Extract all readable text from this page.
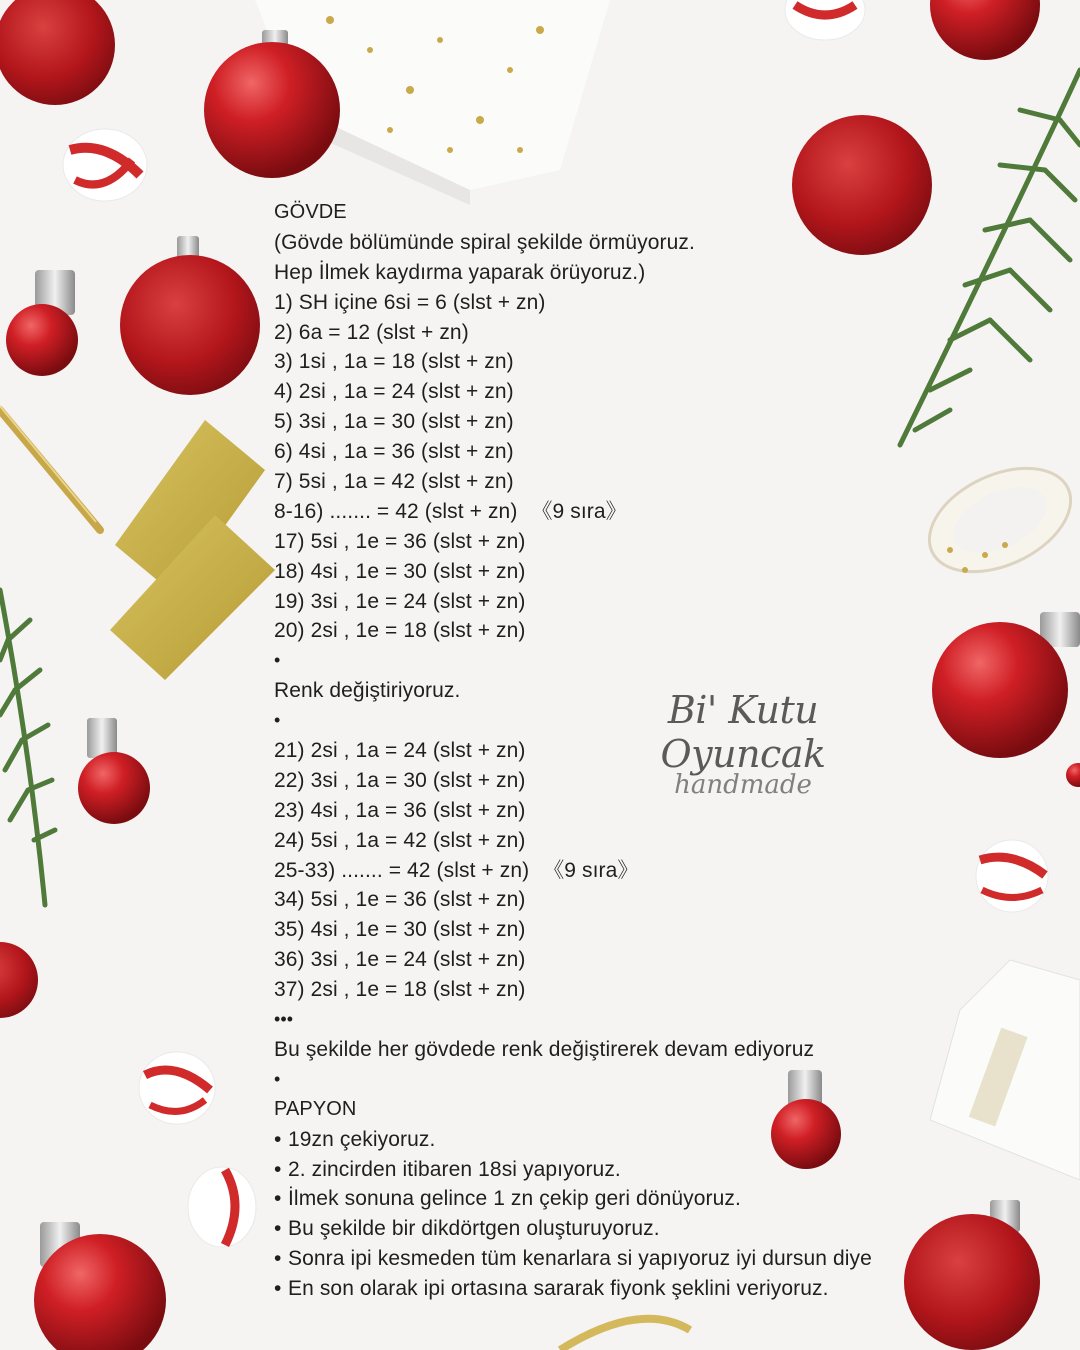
GÖVDE
(Gövde bölümünde spiral şekilde örmüyoruz.
Hep İlmek kaydırma yaparak örüyoruz.)
1) SH içine 6si = 6 (slst + zn)
2) 6a = 12 (slst + zn)
3) 1si , 1a = 18 (slst + zn)
4) 2si , 1a = 24 (slst + zn)
5) 3si , 1a = 30 (slst + zn)
6) 4si , 1a = 36 (slst + zn)
7) 5si , 1a = 42 (slst + zn)
8-16) ....... = 42 (slst + zn) 《9 sıra》
17) 5si , 1e = 36 (slst + zn)
18) 4si , 1e = 30 (slst + zn)
19) 3si , 1e = 24 (slst + zn)
20) 2si , 1e = 18 (slst + zn)
•
Renk değiştiriyoruz.
•
21) 2si , 1a = 24 (slst + zn)
22) 3si , 1a = 30 (slst + zn)
23) 4si , 1a = 36 (slst + zn)
24) 5si , 1a = 42 (slst + zn)
25-33) ....... = 42 (slst + zn) 《9 sıra》
34) 5si , 1e = 36 (slst + zn)
35) 4si , 1e = 30 (slst + zn)
36) 3si , 1e = 24 (slst + zn)
37) 2si , 1e = 18 (slst + zn)
•••
Bu şekilde her gövdede renk değiştirerek devam ediyoruz
•
PAPYON
• 19zn çekiyoruz.
• 2. zincirden itibaren 18si yapıyoruz.
• İlmek sonuna gelince 1 zn çekip geri dönüyoruz.
• Bu şekilde bir dikdörtgen oluşturuyoruz.
• Sonra ipi kesmeden tüm kenarlara si yapıyoruz iyi dursun diye
• En son olarak ipi ortasına sararak fiyonk şeklini veriyoruz.
Bi' Kutu Oyuncak
handmade
